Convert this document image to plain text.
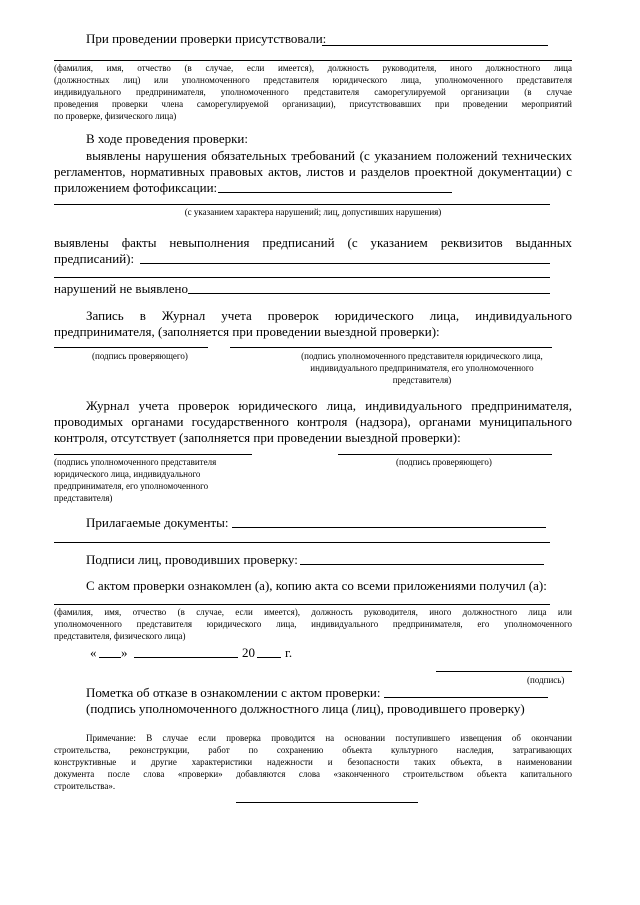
При проведении проверки присутствовали:
(фамилия, имя, отчество (в случае, если имеется), должность руководителя, иного должностного лица
(должностных лиц) или уполномоченного представителя юридического лица, уполномоченного представителя
индивидуального предпринимателя, уполномоченного представителя саморегулируемой организации (в случае
проведения проверки члена саморегулируемой организации), присутствовавших при проведении мероприятий
по проверке, физического лица)
В ходе проведения проверки:
выявлены нарушения обязательных требований (с указанием положений технических
регламентов, нормативных правовых актов, листов и разделов проектной документации) с
приложением фотофиксации:
(с указанием характера нарушений; лиц, допустивших нарушения)
выявлены факты невыполнения предписаний (с указанием реквизитов выданных
предписаний):
нарушений не выявлено
Запись в Журнал учета проверок юридического лица, индивидуального
предпринимателя, (заполняется при проведении выездной проверки):
(подпись проверяющего)	(подпись уполномоченного представителя юридического лица,
индивидуального предпринимателя, его уполномоченного
представителя)
Журнал учета проверок юридического лица, индивидуального предпринимателя,
проводимых органами государственного контроля (надзора), органами муниципального
контроля, отсутствует (заполняется при проведении выездной проверки):
(подпись уполномоченного представителя
юридического лица, индивидуального
предпринимателя, его уполномоченного
представителя)
(подпись проверяющего)
Прилагаемые документы:
Подписи лиц, проводивших проверку:
С актом проверки ознакомлен (а), копию акта со всеми приложениями получил (а):
(фамилия, имя, отчество (в случае, если имеется), должность руководителя, иного должностного лица или
уполномоченного представителя юридического лица, индивидуального предпринимателя, его уполномоченного
представителя, физического лица)
« »	20 г.
(подпись)
Пометка об отказе в ознакомлении с актом проверки:
(подпись уполномоченного должностного лица (лиц), проводившего проверку)
Примечание: В случае если проверка проводится на основании поступившего извещения об окончании
строительства, реконструкции, работ по сохранению объекта культурного наследия, затрагивающих
конструктивные и другие характеристики надежности и безопасности таких объекта, в наименовании
документа после слова «проверки» добавляются слова «законченного строительством объекта капитального
строительства».
